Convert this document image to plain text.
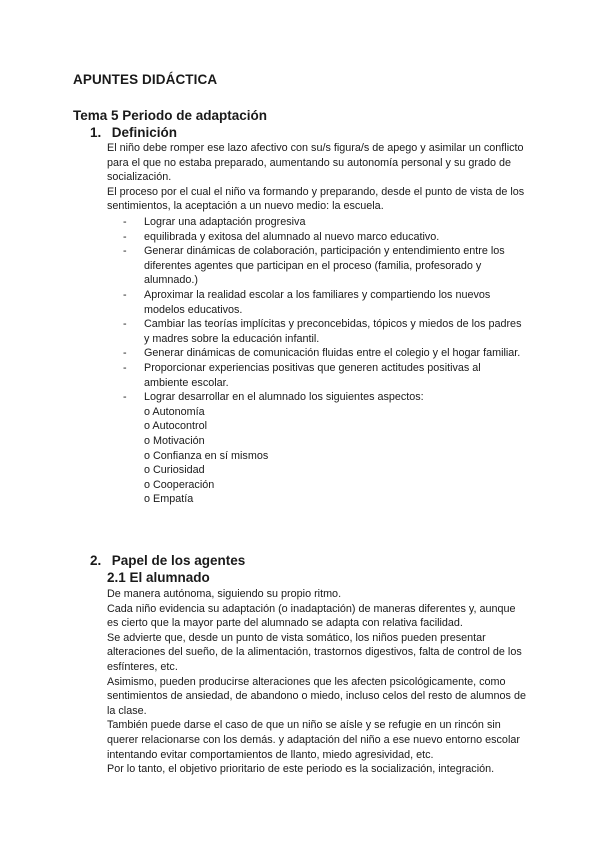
APUNTES DIDÁCTICA
Tema 5 Periodo de adaptación
1. Definición

El niño debe romper ese lazo afectivo con su/s figura/s de apego y asimilar un conflicto para el que no estaba preparado, aumentando su autonomía personal y su grado de socialización.

El proceso por el cual el niño va formando y preparando, desde el punto de vista de los sentimientos, la aceptación a un nuevo medio: la escuela.

- Lograr una adaptación progresiva
- equilibrada y exitosa del alumnado al nuevo marco educativo.
- Generar dinámicas de colaboración, participación y entendimiento entre los diferentes agentes que participan en el proceso (familia, profesorado y alumnado.)
- Aproximar la realidad escolar a los familiares y compartiendo los nuevos modelos educativos.
- Cambiar las teorías implícitas y preconcebidas, tópicos y miedos de los padres y madres sobre la educación infantil.
- Generar dinámicas de comunicación fluidas entre el colegio y el hogar familiar.
- Proporcionar experiencias positivas que generen actitudes positivas al ambiente escolar.
- Lograr desarrollar en el alumnado los siguientes aspectos:
o Autonomía
o Autocontrol
o Motivación
o Confianza en sí mismos
o Curiosidad
o Cooperación
o Empatía
2. Papel de los agentes
2.1 El alumnado

De manera autónoma, siguiendo su propio ritmo.

Cada niño evidencia su adaptación (o inadaptación) de maneras diferentes y, aunque es cierto que la mayor parte del alumnado se adapta con relativa facilidad.

Se advierte que, desde un punto de vista somático, los niños pueden presentar alteraciones del sueño, de la alimentación, trastornos digestivos, falta de control de los esfínteres, etc.

Asimismo, pueden producirse alteraciones que les afecten psicológicamente, como sentimientos de ansiedad, de abandono o miedo, incluso celos del resto de alumnos de la clase.

También puede darse el caso de que un niño se aísle y se refugie en un rincón sin querer relacionarse con los demás. y adaptación del niño a ese nuevo entorno escolar intentando evitar comportamientos de llanto, miedo agresividad, etc.

Por lo tanto, el objetivo prioritario de este periodo es la socialización, integración.
